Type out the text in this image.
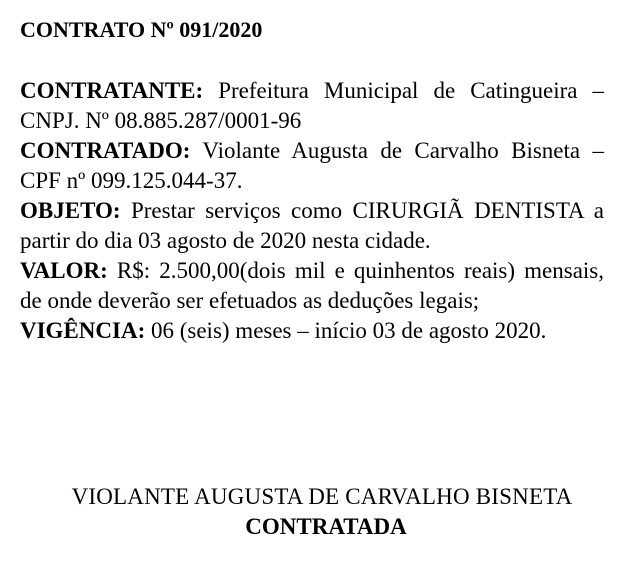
CONTRATO Nº 091/2020

CONTRATANTE: Prefeitura Municipal de Catingueira – CNPJ. Nº 08.885.287/0001-96

CONTRATADO: Violante Augusta de Carvalho Bisneta – CPF nº 099.125.044-37.

OBJETO: Prestar serviços como CIRURGIÃ DENTISTA a partir do dia 03 agosto de 2020 nesta cidade.

VALOR: R$: 2.500,00(dois mil e quinhentos reais) mensais, de onde deverão ser efetuados as deduções legais;

VIGÊNCIA: 06 (seis) meses – início 03 de agosto 2020.

VIOLANTE AUGUSTA DE CARVALHO BISNETA
CONTRATADA
